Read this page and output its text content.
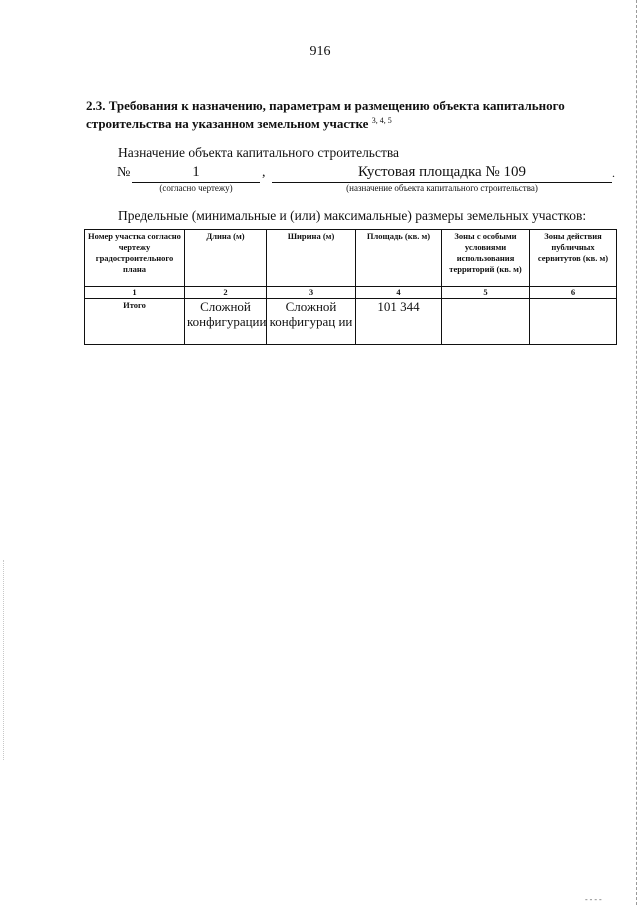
916
2.3. Требования к назначению, параметрам и размещению объекта капитального строительства на указанном земельном участке $^{3, 4, 5}$
Назначение объекта капитального строительства
№	1	,	Кустовая площадка № 109	.
(согласно чертежу)	(назначение объекта капитального строительства)
Предельные (минимальные и (или) максимальные) размеры земельных участков:
Номер участка согласно чертежу градостроительного плана	Длина (м)	Ширина (м)	Площадь (кв. м)	Зоны с особыми условиями использования территорий (кв. м)	Зоны действия публичных сервитутов (кв. м)
1	2	3	4	5	6
Итого	Сложной конфигурации	Сложной конфигурац ии	101 344		
‐ ‐ ‐ ‐
